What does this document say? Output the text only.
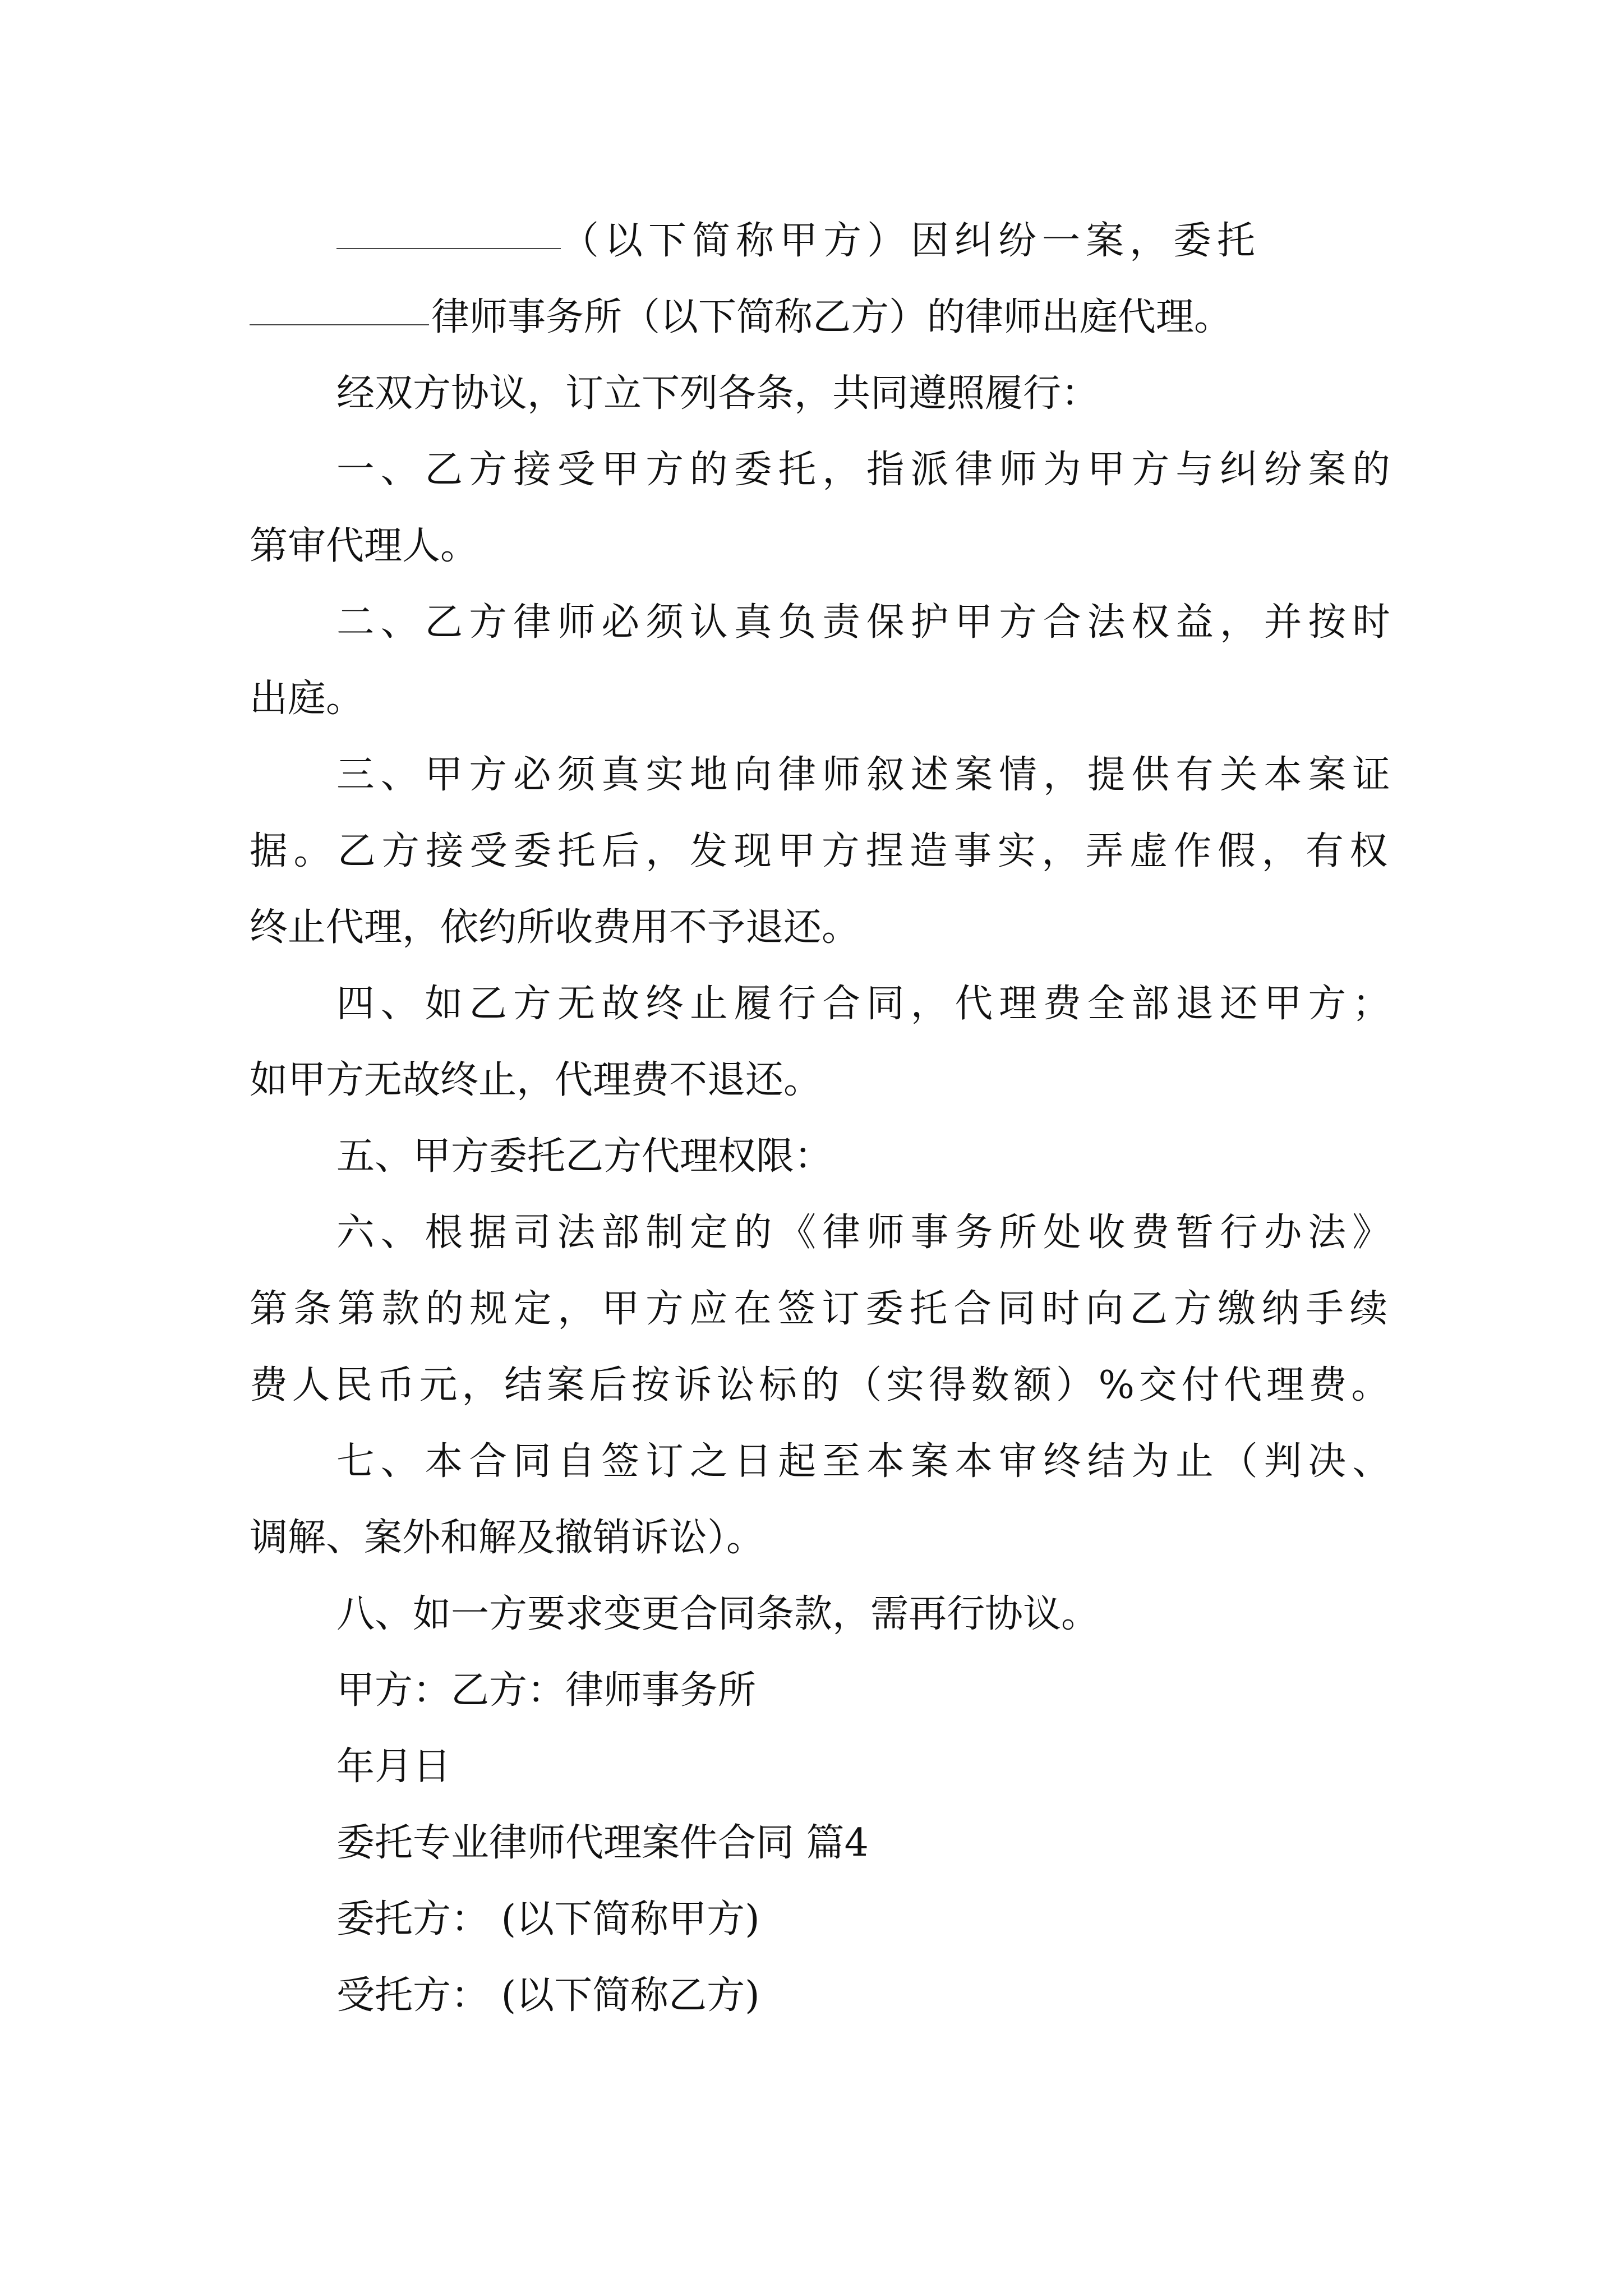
（以下简称甲方）因纠纷一案，委托
律师事务所（以下简称乙方）的律师出庭代理。
经双方协议，订立下列各条，共同遵照履行：
一、乙方接受甲方的委托，指派律师为甲方与纠纷案的
第审代理人。
二、乙方律师必须认真负责保护甲方合法权益，并按时
出庭。
三、甲方必须真实地向律师叙述案情，提供有关本案证
据。乙方接受委托后，发现甲方捏造事实，弄虚作假，有权
终止代理，依约所收费用不予退还。
四、如乙方无故终止履行合同，代理费全部退还甲方；
如甲方无故终止，代理费不退还。
五、甲方委托乙方代理权限：
六、根据司法部制定的《律师事务所处收费暂行办法》
第条第款的规定，甲方应在签订委托合同时向乙方缴纳手续
费人民币元，结案后按诉讼标的（实得数额）%交付代理费。
七、本合同自签订之日起至本案本审终结为止（判决、
调解、案外和解及撤销诉讼）。
八、如一方要求变更合同条款，需再行协议。
甲方：乙方：律师事务所
年月日
委托专业律师代理案件合同 篇4
委托方： (以下简称甲方)
受托方： (以下简称乙方)
